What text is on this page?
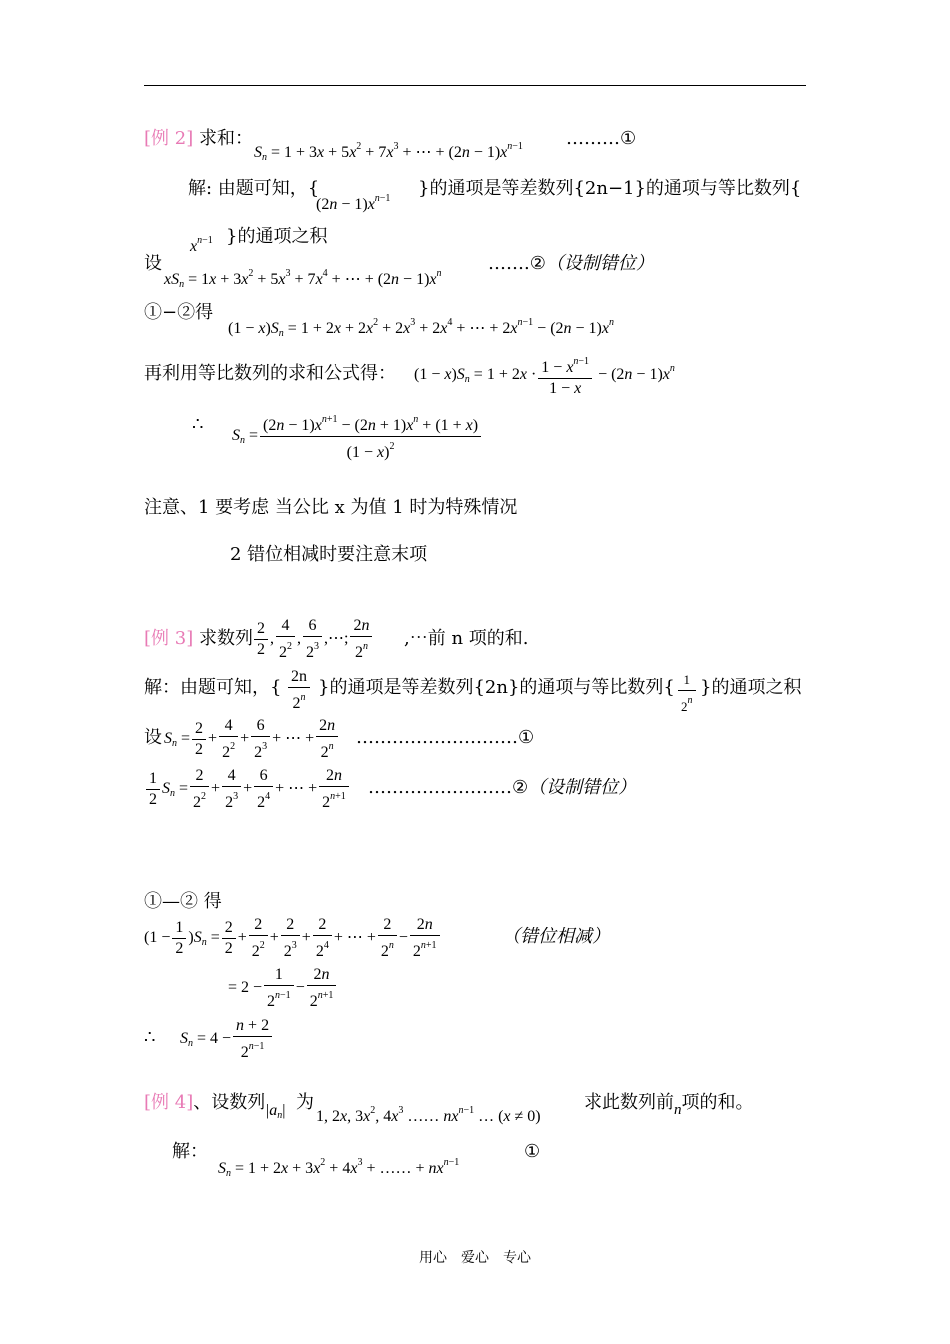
[例 2] 求和：
$S_n = 1 + 3x + 5x^2 + 7x^3$ + ⋯ + $(2n - 1)x^{n-1}$ ………①
解: 由题可知，{
$(2n - 1)x^{n-1}$ }的通项是等差数列{2n−1}的通项与等比数列{
$x^{n-1}$ }的通项之积
设
$xS_n = 1x + 3x^2 + 5x^3 + 7x^4$ + ⋯ + $(2n - 1)x^n$	…….②（设制错位）
①−②得
$(1 - x)S_n = 1 + 2x + 2x^2 + 2x^3 + 2x^4$ + ⋯ + $2x^{n-1} - (2n - 1)x^n$
再利用等比数列的求和公式得： $(1 - x)S_n = 1 + 2x \cdot \frac{1 - x^{n-1}}{1 - x} - (2n - 1)x^n$
∴
$S_n = \frac{(2n - 1)x^{n+1} - (2n + 1)x^n + (1 + x)}{(1 - x)^2}$
注意、1 要考虑 当公比 x 为值 1 时为特殊情况
2 错位相减时要注意末项
[例 3] 求数列 $\frac{2}{2}$ , $\frac{4}{2^2}$ , $\frac{6}{2^3}$ ,⋯; $\frac{2n}{2^n}$ ,⋯前 n 项的和.
解：由题可知，{ $\frac{2n}{2^n}$ }的通项是等差数列{2n}的通项与等比数列{ $\frac{1}{2^n}$ }的通项之积
设 $S_n = \frac{2}{2} + \frac{4}{2^2} + \frac{6}{2^3}$ + ⋯ + $\frac{2n}{2^n}$ ………………………①
$\frac{1}{2} S_n = \frac{2}{2^2} + \frac{4}{2^3} + \frac{6}{2^4}$ + ⋯ + $\frac{2n}{2^{n+1}}$ ……………………②（设制错位）
①—② 得
$(1 - \frac{1}{2} )S_n = \frac{2}{2} + \frac{2}{2^2} + \frac{2}{2^3} + \frac{2}{2^4}$ + ⋯ + $\frac{2}{2^n} - \frac{2n}{2^{n+1}}$	（错位相减）
= $2 - \frac{1}{2^{n-1}} - \frac{2n}{2^{n+1}}$
∴ $S_n = 4 - \frac{n + 2}{2^{n-1}}$
[例 4]、设数列 $|a_n|$ 为
1, 2x, $3x^2$, $4x^3$ …… $nx^{n-1}$ … (x ≠ 0)
求此数列前$_n$项的和。
解：
$S_n = 1 + 2x + 3x^2 + 4x^3$ + …… + $nx^{n-1}$
①
用心　爱心　专心
